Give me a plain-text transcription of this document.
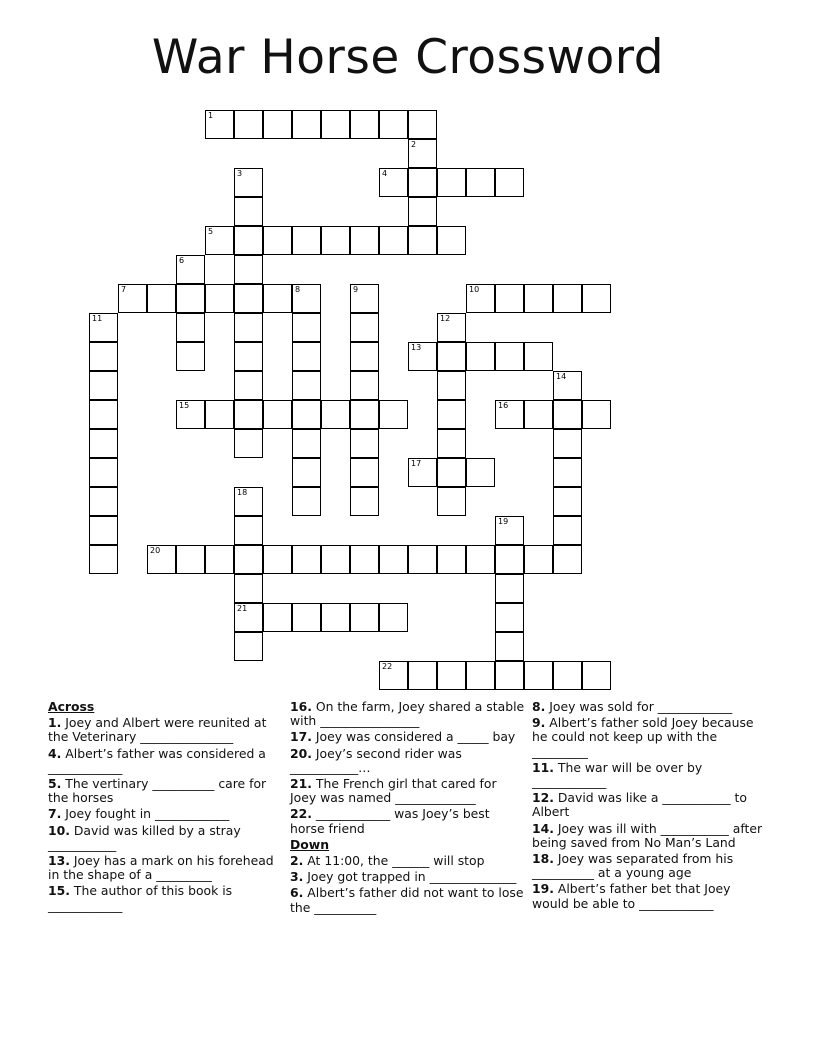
War Horse Crossword
1
2
3	4
5
6
7	8	9	10
11	12
13
14
15	16
17
18
21
19
20
22
Across

1. Joey and Albert were reunited at the Veterinary _______________

4. Albert’s father was considered a ____________

5. The vertinary __________ care for the horses

7. Joey fought in ____________

10. David was killed by a stray ___________

13. Joey has a mark on his forehead in the shape of a _________

15. The author of this book is ____________

16. On the farm, Joey shared a stable with ________________

17. Joey was considered a _____ bay

20. Joey’s second rider was ___________…

21. The French girl that cared for Joey was named _____________

22. ____________ was Joey’s best horse friend

Down

2. At 11:00, the ______ will stop

3. Joey got trapped in ______________

6. Albert’s father did not want to lose the __________

8. Joey was sold for ____________

9. Albert’s father sold Joey because he could not keep up with the _________

11. The war will be over by ____________

12. David was like a ___________ to Albert

14. Joey was ill with ___________ after being saved from No Man’s Land

18. Joey was separated from his __________ at a young age

19. Albert’s father bet that Joey would be able to ____________
